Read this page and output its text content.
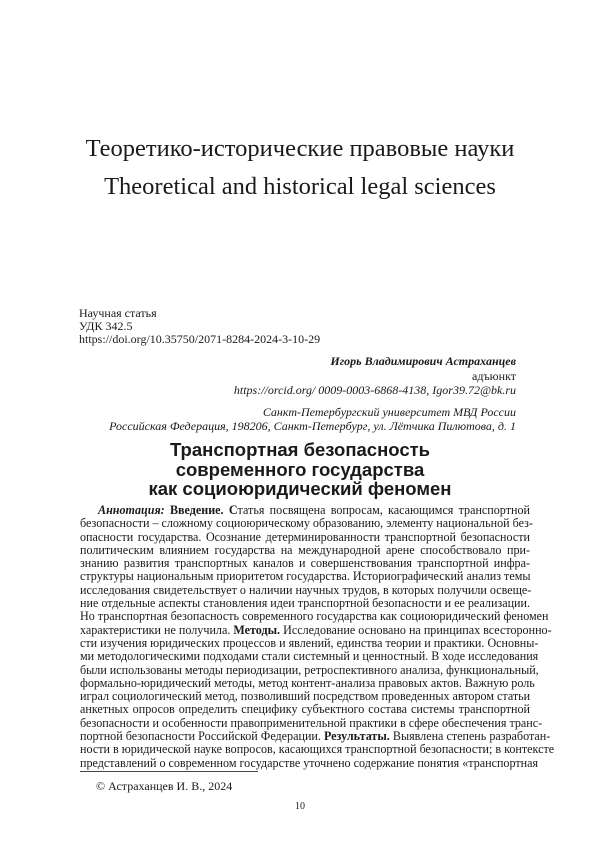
Теоретико-исторические правовые науки
Theoretical and historical legal sciences
Научная статья
УДК 342.5
https://doi.org/10.35750/2071-8284-2024-3-10-29
Игорь Владимирович Астраханцев
адъюнкт
https://orcid.org/ 0009-0003-6868-4138, Igor39.72@bk.ru
Санкт-Петербургский университет МВД России
Российская Федерация, 198206, Санкт-Петербург, ул. Лётчика Пилютова, д. 1
Транспортная безопасность
современного государства
как социоюридический феномен
Аннотация: Введение. Статья посвящена вопросам, касающимся транспортной
безопасности – сложному социоюрическому образованию, элементу национальной без-
опасности государства. Осознание детерминированности транспортной безопасности
политическим влиянием государства на международной арене способствовало при-
знанию развития транспортных каналов и совершенствования транспортной инфра-
структуры национальным приоритетом государства. Историографический анализ темы
исследования свидетельствует о наличии научных трудов, в которых получили освеще-
ние отдельные аспекты становления идеи транспортной безопасности и ее реализации.
Но транспортная безопасность современного государства как социоюридический феномен
характеристики не получила. Методы. Исследование основано на принципах всесторонно-
сти изучения юридических процессов и явлений, единства теории и практики. Основны-
ми методологическими подходами стали системный и ценностный. В ходе исследования
были использованы методы периодизации, ретроспективного анализа, функциональный,
формально-юридический методы, метод контент-анализа правовых актов. Важную роль
играл социологический метод, позволивший посредством проведенных автором статьи
анкетных опросов определить специфику субъектного состава системы транспортной
безопасности и особенности правоприменительной практики в сфере обеспечения транс-
портной безопасности Российской Федерации. Результаты. Выявлена степень разработан-
ности в юридической науке вопросов, касающихся транспортной безопасности; в контексте
представлений о современном государстве уточнено содержание понятия «транспортная
© Астраханцев И. В., 2024
10
